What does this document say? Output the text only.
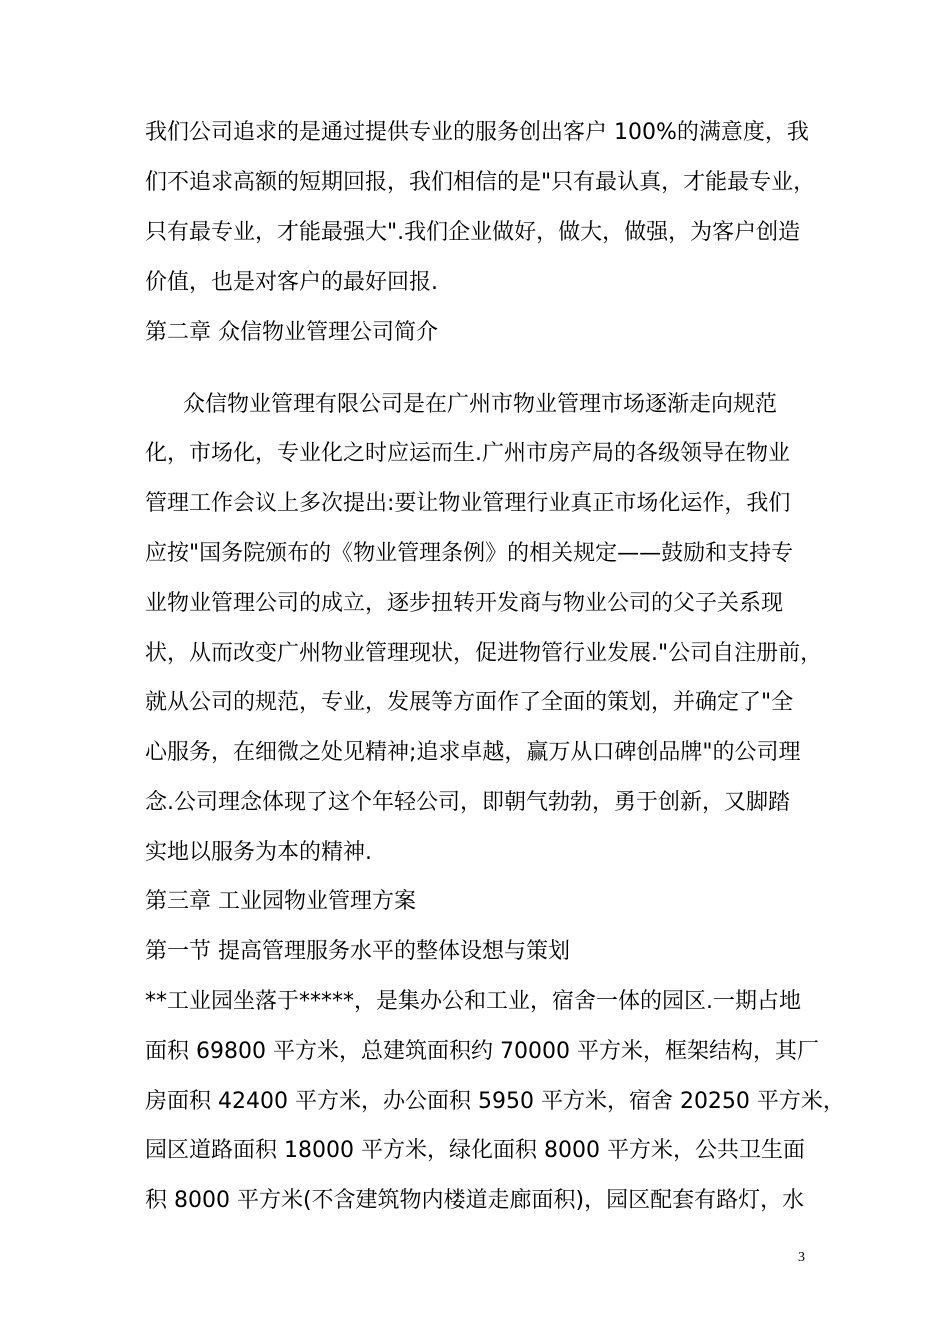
我们公司追求的是通过提供专业的服务创出客户 100%的满意度，我
们不追求高额的短期回报，我们相信的是"只有最认真，才能最专业，
只有最专业，才能最强大".我们企业做好，做大，做强，为客户创造
价值，也是对客户的最好回报.
第二章 众信物业管理公司简介
众信物业管理有限公司是在广州市物业管理市场逐渐走向规范
化，市场化，专业化之时应运而生.广州市房产局的各级领导在物业
管理工作会议上多次提出:要让物业管理行业真正市场化运作，我们
应按"国务院颁布的《物业管理条例》的相关规定——鼓励和支持专
业物业管理公司的成立，逐步扭转开发商与物业公司的父子关系现
状，从而改变广州物业管理现状，促进物管行业发展."公司自注册前，
就从公司的规范，专业，发展等方面作了全面的策划，并确定了"全
心服务，在细微之处见精神;追求卓越，赢万从口碑创品牌"的公司理
念.公司理念体现了这个年轻公司，即朝气勃勃，勇于创新，又脚踏
实地以服务为本的精神.
第三章 工业园物业管理方案
第一节 提高管理服务水平的整体设想与策划
**工业园坐落于*****，是集办公和工业，宿舍一体的园区.一期占地
面积 69800 平方米，总建筑面积约 70000 平方米，框架结构，其厂
房面积 42400 平方米，办公面积 5950 平方米，宿舍 20250 平方米，
园区道路面积 18000 平方米，绿化面积 8000 平方米，公共卫生面
积 8000 平方米(不含建筑物内楼道走廊面积)，园区配套有路灯，水
3
